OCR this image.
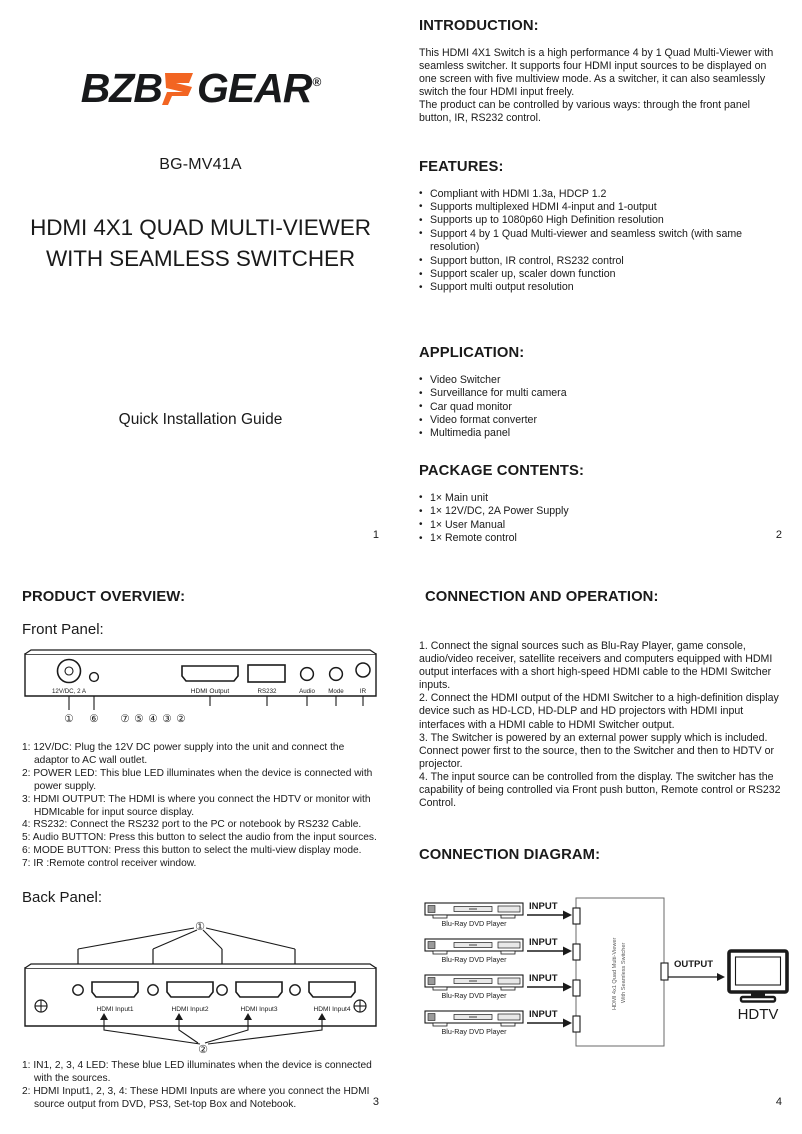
BZB GEAR®
BG-MV41A
HDMI 4X1 QUAD MULTI-VIEWER
WITH SEAMLESS SWITCHER
Quick Installation Guide
1
INTRODUCTION:

This HDMI 4X1 Switch is a high performance 4 by 1 Quad Multi-Viewer with seamless switcher. It supports four HDMI input sources to be displayed on one screen with five multiview mode. As a switcher, it can also seamlessly switch the four HDMI input freely.

The product can be controlled by various ways: through the front panel button, IR, RS232 control.

FEATURES:
• Compliant with HDMI 1.3a, HDCP 1.2
• Supports multiplexed HDMI 4-input and 1-output
• Supports up to 1080p60 High Definition resolution
• Support 4 by 1 Quad Multi-viewer and seamless switch (with same resolution)
• Support button, IR control, RS232 control
• Support scaler up, scaler down function
• Support multi output resolution
APPLICATION:
• Video Switcher
• Surveillance for multi camera
• Car quad monitor
• Video format converter
• Multimedia panel
PACKAGE CONTENTS:
• 1× Main unit
• 1× 12V/DC, 2A Power Supply
• 1× User Manual
• 1× Remote control	2
PRODUCT OVERVIEW:
Front Panel:
12V/DC, 2 A	HDMI Output	RS232	Audio Mode	IR
① ⑥ ⑦ ⑤ ④ ③ ②
1: 12V/DC: Plug the 12V DC power supply into the unit and connect the adaptor to AC wall outlet.
2: POWER LED: This blue LED illuminates when the device is connected with power supply.
3: HDMI OUTPUT: The HDMI is where you connect the HDTV or monitor with HDMIcable for input source display.
4: RS232: Connect the RS232 port to the PC or notebook by RS232 Cable.
5: Audio BUTTON: Press this button to select the audio from the input sources.
6: MODE BUTTON: Press this button to select the multi-view display mode.
7: IR :Remote control receiver window.
Back Panel:
①
HDMI Input1	HDMI Input2	HDMI Input3	HDMI Input4
②
1: IN1, 2, 3, 4 LED: These blue LED illuminates when the device is connected with the sources.
2: HDMI Input1, 2, 3, 4: These HDMI Inputs are where you connect the HDMI source output from DVD, PS3, Set-top Box and Notebook.	3
CONNECTION AND OPERATION:

1. Connect the signal sources such as Blu-Ray Player, game console, audio/video receiver, satellite receivers and computers equipped with HDMI output interfaces with a short high-speed HDMI cable to the HDMI Switcher inputs.

2. Connect the HDMI output of the HDMI Switcher to a high-definition display device such as HD-LCD, HD-DLP and HD projectors with HDMI input interfaces with a HDMI cable to HDMI Switcher output.

3. The Switcher is powered by an external power supply which is included. Connect power first to the source, then to the Switcher and then to HDTV or projector.

4. The input source can be controlled from the display. The switcher has the capability of being controlled via Front push button, Remote control or RS232 Control.

CONNECTION DIAGRAM:
Blu-Ray DVD Player
Blu-Ray DVD Player
Blu-Ray DVD Player
Blu-Ray DVD Player
INPUT
INPUT
INPUT
INPUT
HDMI 4x1 Quad Multi-Viewer With Seamless Switcher	OUTPUT
HDTV
4
